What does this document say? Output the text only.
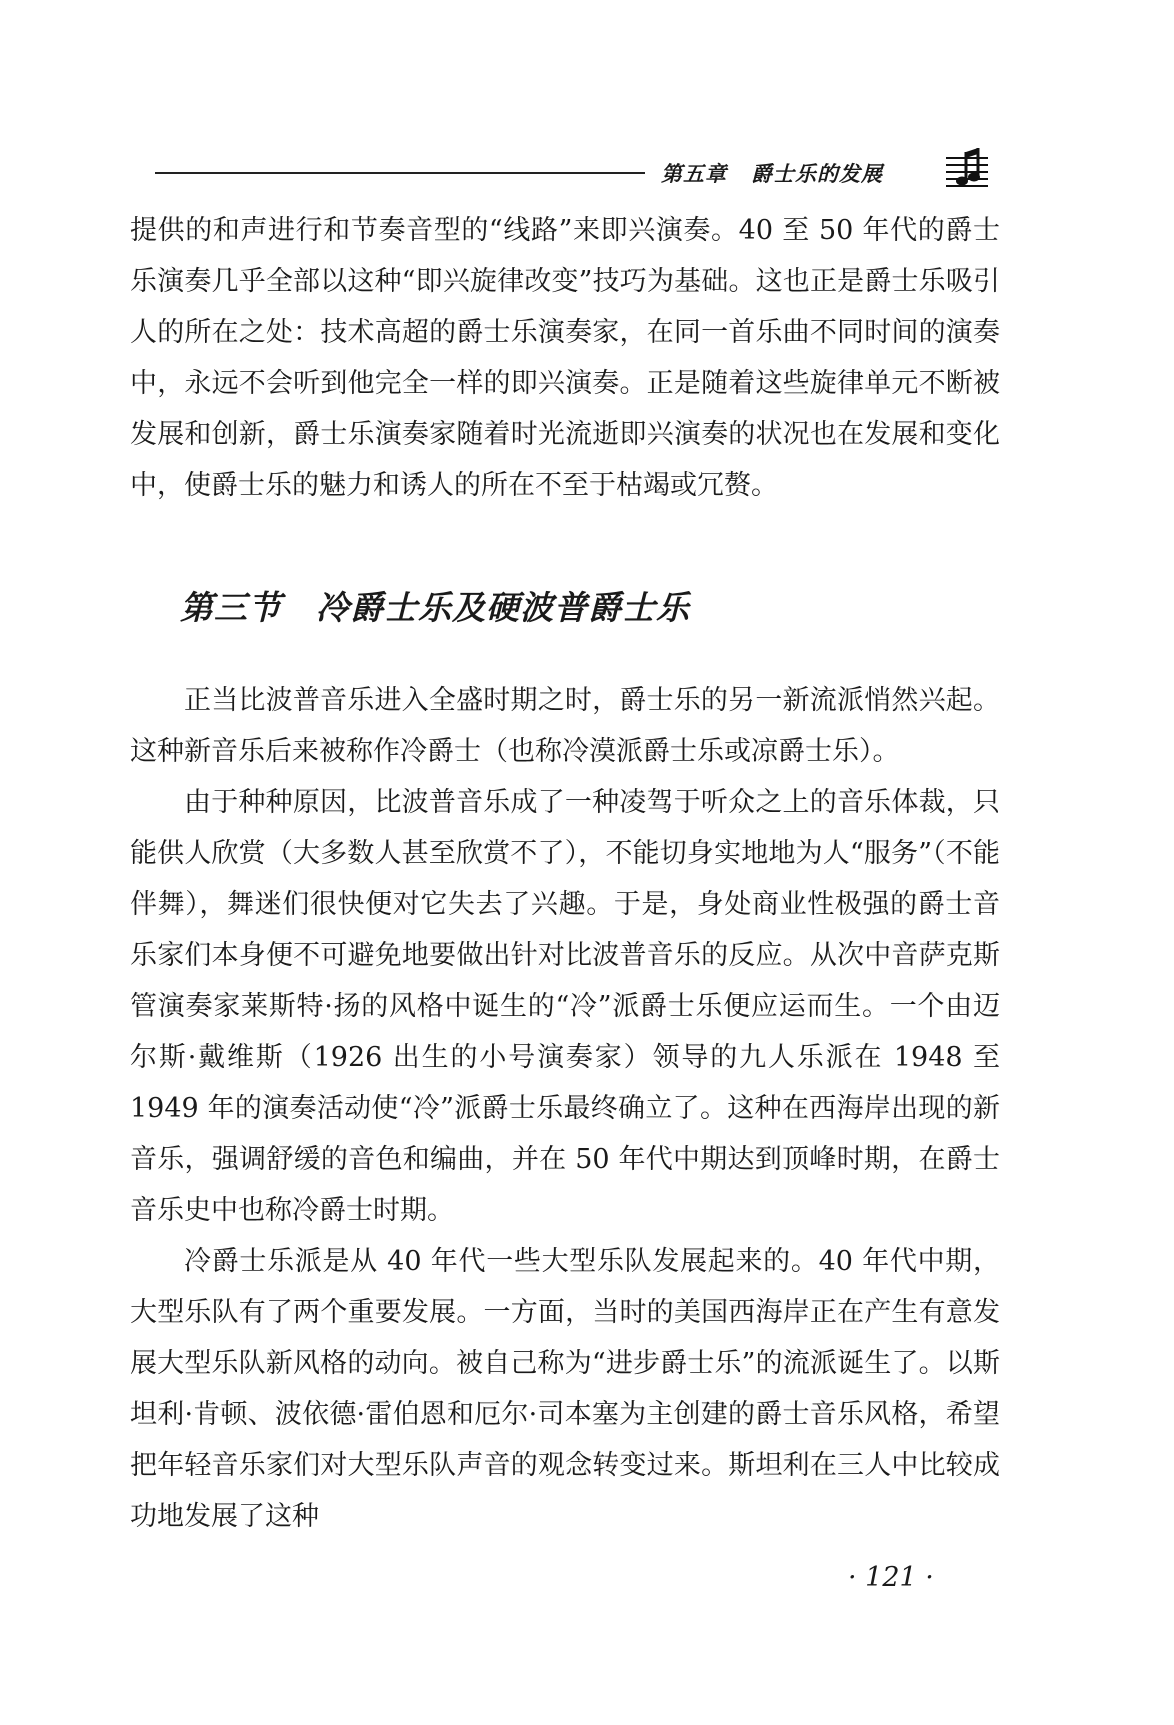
第五章 爵士乐的发展

提供的和声进行和节奏音型的“线路”来即兴演奏。40 至 50 年代的爵士乐演奏几乎全部以这种“即兴旋律改变”技巧为基础。这也正是爵士乐吸引人的所在之处：技术高超的爵士乐演奏家，在同一首乐曲不同时间的演奏中，永远不会听到他完全一样的即兴演奏。正是随着这些旋律单元不断被发展和创新，爵士乐演奏家随着时光流逝即兴演奏的状况也在发展和变化中，使爵士乐的魅力和诱人的所在不至于枯竭或冗赘。

第三节 冷爵士乐及硬波普爵士乐

正当比波普音乐进入全盛时期之时，爵士乐的另一新流派悄然兴起。这种新音乐后来被称作冷爵士（也称冷漠派爵士乐或凉爵士乐）。

由于种种原因，比波普音乐成了一种凌驾于听众之上的音乐体裁，只能供人欣赏（大多数人甚至欣赏不了），不能切身实地地为人“服务”（不能伴舞），舞迷们很快便对它失去了兴趣。于是，身处商业性极强的爵士音乐家们本身便不可避免地要做出针对比波普音乐的反应。从次中音萨克斯管演奏家莱斯特·扬的风格中诞生的“冷”派爵士乐便应运而生。一个由迈尔斯·戴维斯（1926 出生的小号演奏家）领导的九人乐派在 1948 至 1949 年的演奏活动使“冷”派爵士乐最终确立了。这种在西海岸出现的新音乐，强调舒缓的音色和编曲，并在 50 年代中期达到顶峰时期，在爵士音乐史中也称冷爵士时期。

冷爵士乐派是从 40 年代一些大型乐队发展起来的。40 年代中期，大型乐队有了两个重要发展。一方面，当时的美国西海岸正在产生有意发展大型乐队新风格的动向。被自己称为“进步爵士乐”的流派诞生了。以斯坦利·肯顿、波依德·雷伯恩和厄尔·司本塞为主创建的爵士音乐风格，希望把年轻音乐家们对大型乐队声音的观念转变过来。斯坦利在三人中比较成功地发展了这种

· 121 ·
